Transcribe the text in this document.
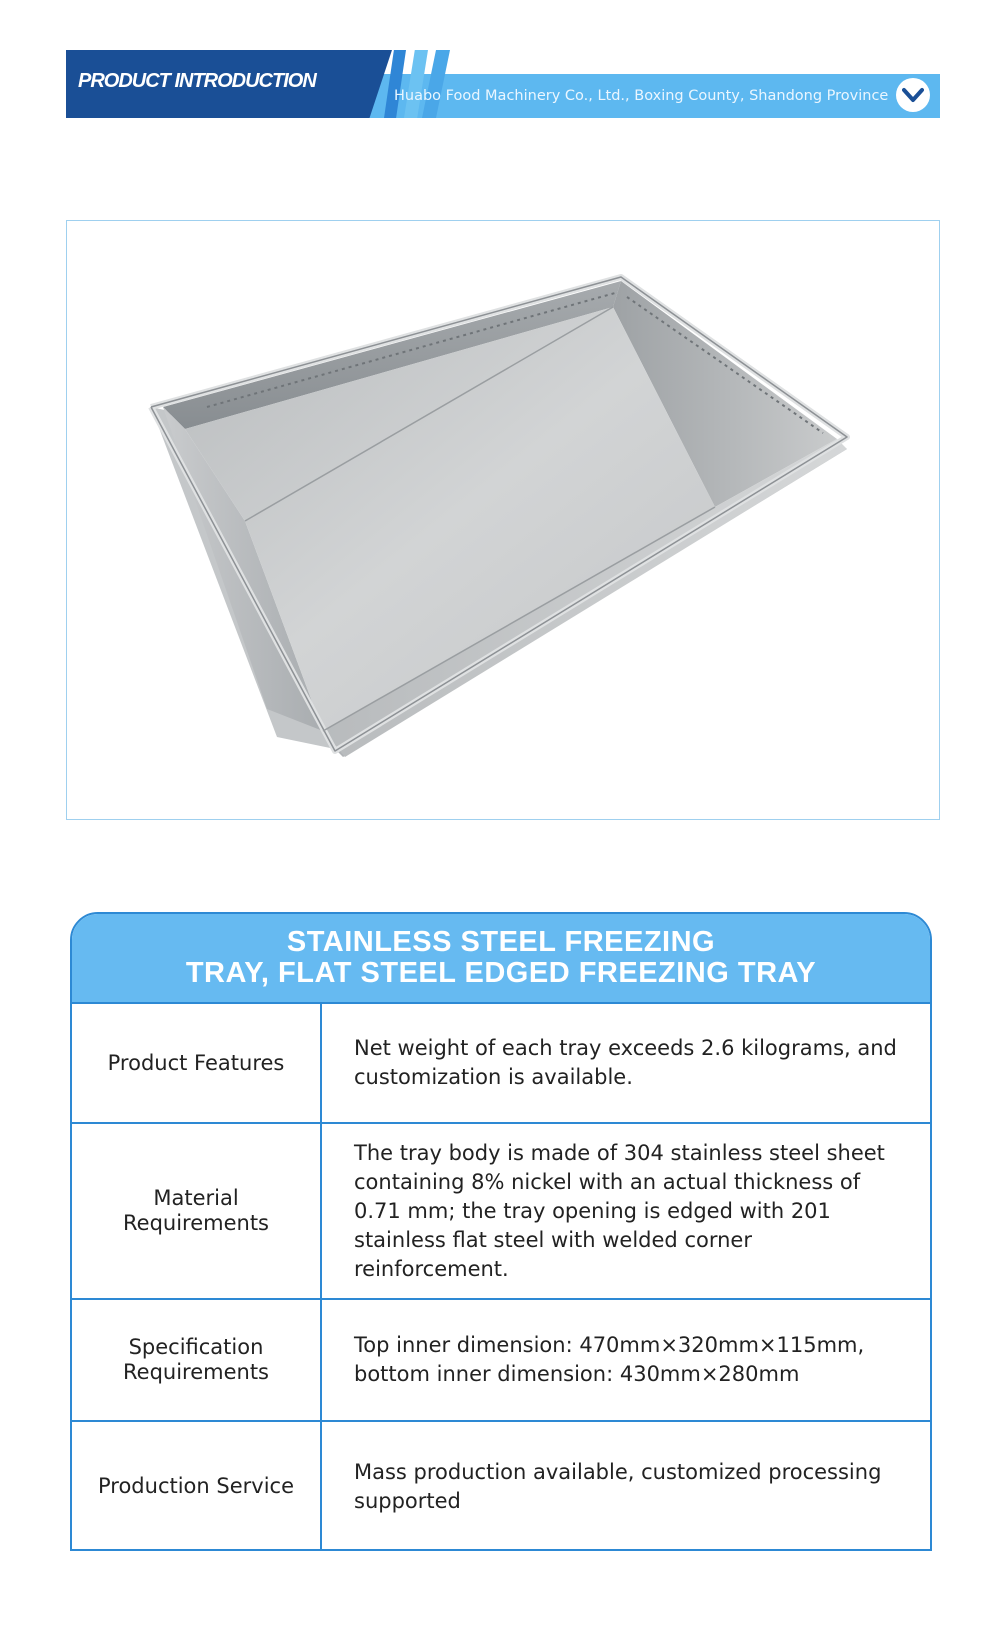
PRODUCT INTRODUCTION
Huabo Food Machinery Co., Ltd., Boxing County, Shandong Province
STAINLESS STEEL FREEZING
TRAY, FLAT STEEL EDGED FREEZING TRAY
Product Features
Net weight of each tray exceeds 2.6 kilograms, and customization is available.
Material Requirements
The tray body is made of 304 stainless steel sheet containing 8% nickel with an actual thickness of 0.71 mm; the tray opening is edged with 201 stainless flat steel with welded corner reinforcement.
Specification Requirements
Top inner dimension: 470mm×320mm×115mm, bottom inner dimension: 430mm×280mm
Production Service
Mass production available, customized processing supported
